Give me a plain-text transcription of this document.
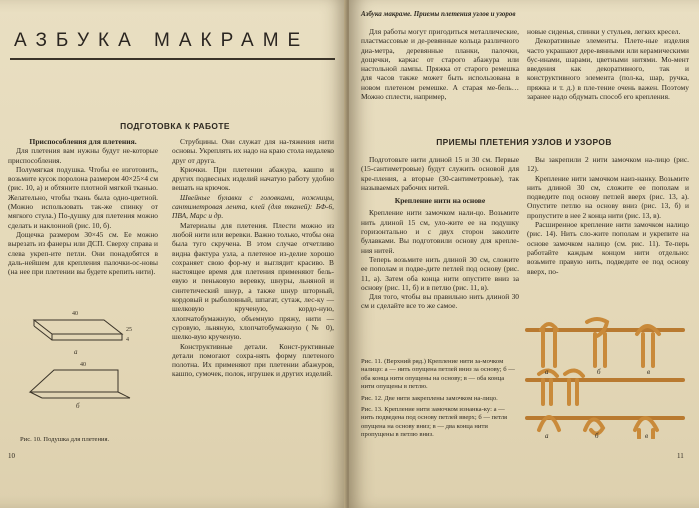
АЗБУКА МАКРАМЕ
ПОДГОТОВКА К РАБОТЕ

Приспособления для плетения.

Для плетения вам нужны будут не-которые приспособления.

Полумягкая подушка. Чтобы ее изготовить, возьмите кусок поролона размером 40×25×4 см (рис. 10, а) и обтяните плотной мягкой тканью. Желательно, чтобы ткань была одно-цветной. (Можно использовать так-же спинку от мягкого стула.) По-душку для плетения можно сделать и наклонной (рис. 10, б).

Дощечка размером 30×45 см. Ее можно вырезать из фанеры или ДСП. Сверху справа и слева укреп-ите петли. Они понадобятся в даль-нейшем для крепления палочки-ос-новы (на нее при плетении вы будете крепить нити).

Струбцины. Они служат для на-тяжения нити основы. Укреплять их надо на краю стола недалеко друг от друга.

Крючки. При плетении абажура, кашпо и других подвесных изделий начатую работу удобно вешать на крючок.

Швейные булавки с головками, ножницы, сантиметровая лента, клей (для тканей): БФ-6, ПВА, Марс и др.

Материалы для плетения. Плести можно из любой нити или веревки. Важно только, чтобы она была туго скручена. В этом случае отчетливо видна фактура узла, а плетеное из-делие хорошо сохраняет свою фор-му и выглядит красиво. В настоящее время для плетения применяют бель-евую и пеньковую веревку, шнуры, льняной и синтетический шнур, а также шнур шторный, кордовый и рыболовный, шпагат, сутаж, лес-ку — шелковую крученую, кордо-ную, хлопчатобумажную, объемную пряжу, нити — суровую, льняную, хлопчатобумажную (№ 0), шелко-вую крученую.

Конструктивные детали. Конст-руктивные детали помогают сохра-нять форму плетеного полотна. Их применяют при плетении абажуров, кашпо, сумочек, полок, игрушек и других изделий.

40
25
4
а
40
б
Рис. 10. Подушка для плетения.
10
Азбука макраме. Приемы плетения узлов и узоров

Для работы могут пригодиться металлические, пластмассовые и де-ревянные кольца различного диа-метра, деревянные планки, палочки, дощечки, каркас от старого абажура или настольной лампы. Пряжка от старого ремешка для часов также может быть использована в новом плетеном ремешке. А старая ме-бель… Можно сплести, например,

новые сиденья, спинки у стульев, легких кресел.

Декоративные элементы. Плете-ные изделия часто украшают дере-вянными или керамическими бус-инами, шарами, цветными нитями. Мо-мент введения как декоративного, так и конструктивного элемента (пол-ка, шар, ручка, пряжка и т. д.) в пле-тение очень важен. Поэтому заранее надо обдумать способ его крепления.

ПРИЕМЫ ПЛЕТЕНИЯ УЗЛОВ И УЗОРОВ

Подготовьте нити длиной 15 и 30 см. Первые (15-сантиметровые) будут служить основой для кре-пления, а вторые (30-сантиметровые), так называемых рабочих нитей.

Крепление нити на основе

Крепление нити замочком нали-цо. Возьмите нить длиной 15 см, уло-жите ее на подушку горизонтально и с двух сторон заколите булавками. Вы подготовили основу для крепле-ния нитей.

Теперь возьмите нить длиной 30 см, сложите ее пополам и подве-дите петлей под основу (рис. 11, а). Затем оба конца нити опустите вниз за основу (рис. 11, б) и в петлю (рис. 11, в).

Для того, чтобы вы правильно нить длиной 30 см и сделайте все то же самое.

Вы закрепили 2 нити замочком на-лицо (рис. 12).

Крепление нити замочком наиз-нанку. Возьмите нить длиной 30 см, сложите ее пополам и подведите под основу петлей вверх (рис. 13, а). Опустите петлю на основу вниз (рис. 13, б) и пропустите в нее 2 конца нити (рис. 13, в).

Расширенное крепление нити замочком налицо (рис. 14). Нить сло-жите пополам и укрепите на основе замочком налицо (см. рис. 11). Те-перь работайте каждым концом нити отдельно: возьмите правую нить, подведите ее под основу вверх, по-

Рис. 11. (Верхний ряд.) Крепление нити за-мочком налицо: а — нить опущена петлей вниз за основу; б — оба конца нити опущены на основу; в — оба конца нити опущены в петлю.
Рис. 12. Две нити закреплены замочком на-лицо.
Рис. 13. Крепление нити замочком изнанка-ку: а — нить подведена под основу петлей вверх; б — петля опущена на основу вниз; в — два конца нити пропущены в петлю вниз.
а	б	в
а	б	в
11
